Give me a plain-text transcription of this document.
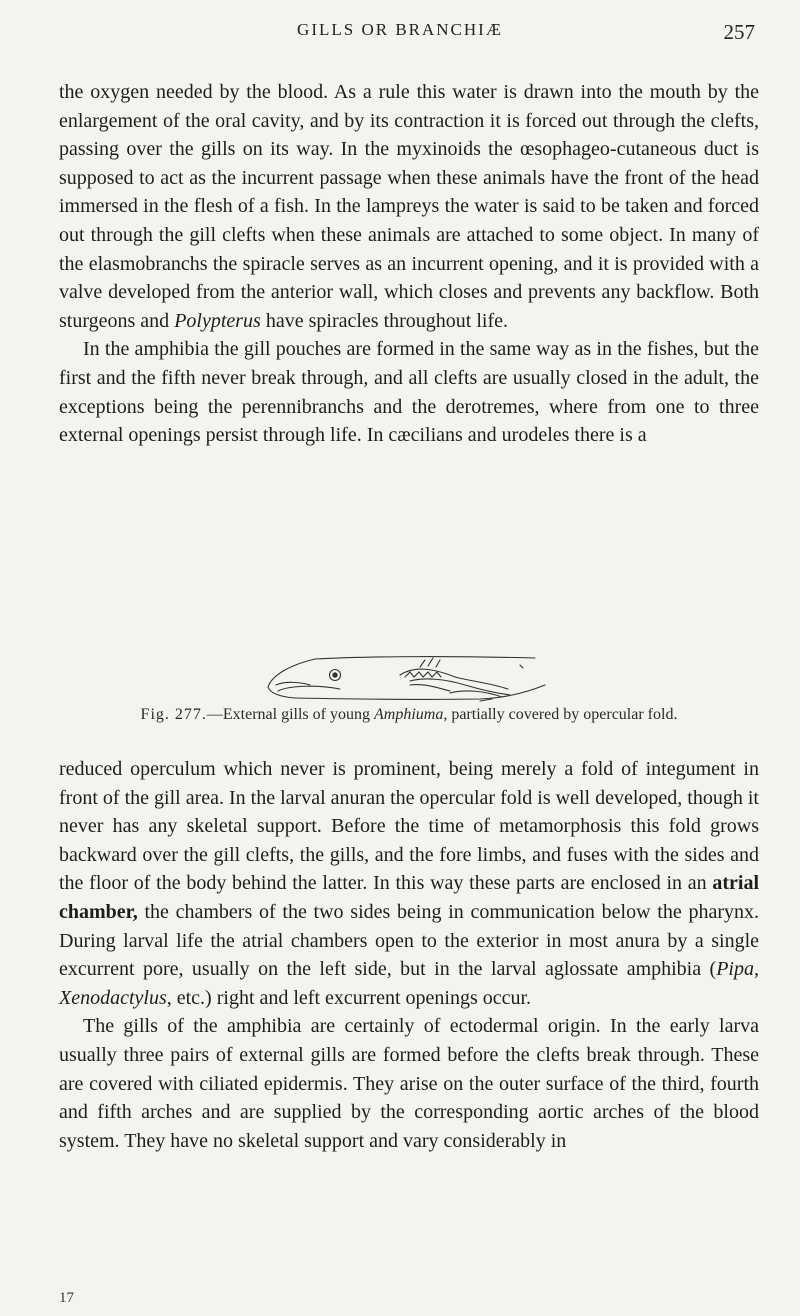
GILLS OR BRANCHIÆ	257

the oxygen needed by the blood. As a rule this water is drawn into the mouth by the enlargement of the oral cavity, and by its contraction it is forced out through the clefts, passing over the gills on its way. In the myxinoids the œsophageo-cutaneous duct is supposed to act as the incurrent passage when these animals have the front of the head immersed in the flesh of a fish. In the lampreys the water is said to be taken and forced out through the gill clefts when these animals are attached to some object. In many of the elasmobranchs the spiracle serves as an incurrent opening, and it is provided with a valve developed from the anterior wall, which closes and prevents any backflow. Both sturgeons and Polypterus have spiracles throughout life.

In the amphibia the gill pouches are formed in the same way as in the fishes, but the first and the fifth never break through, and all clefts are usually closed in the adult, the exceptions being the perennibranchs and the derotremes, where from one to three external openings persist through life. In cæcilians and urodeles there is a

Fig. 277.—External gills of young Amphiuma, partially covered by opercular fold.

reduced operculum which never is prominent, being merely a fold of integument in front of the gill area. In the larval anuran the opercular fold is well developed, though it never has any skeletal support. Before the time of metamorphosis this fold grows backward over the gill clefts, the gills, and the fore limbs, and fuses with the sides and the floor of the body behind the latter. In this way these parts are enclosed in an atrial chamber, the chambers of the two sides being in communication below the pharynx. During larval life the atrial chambers open to the exterior in most anura by a single excurrent pore, usually on the left side, but in the larval aglossate amphibia (Pipa, Xenodactylus, etc.) right and left excurrent openings occur.

The gills of the amphibia are certainly of ectodermal origin. In the early larva usually three pairs of external gills are formed before the clefts break through. These are covered with ciliated epidermis. They arise on the outer surface of the third, fourth and fifth arches and are supplied by the corresponding aortic arches of the blood system. They have no skeletal support and vary considerably in

17
